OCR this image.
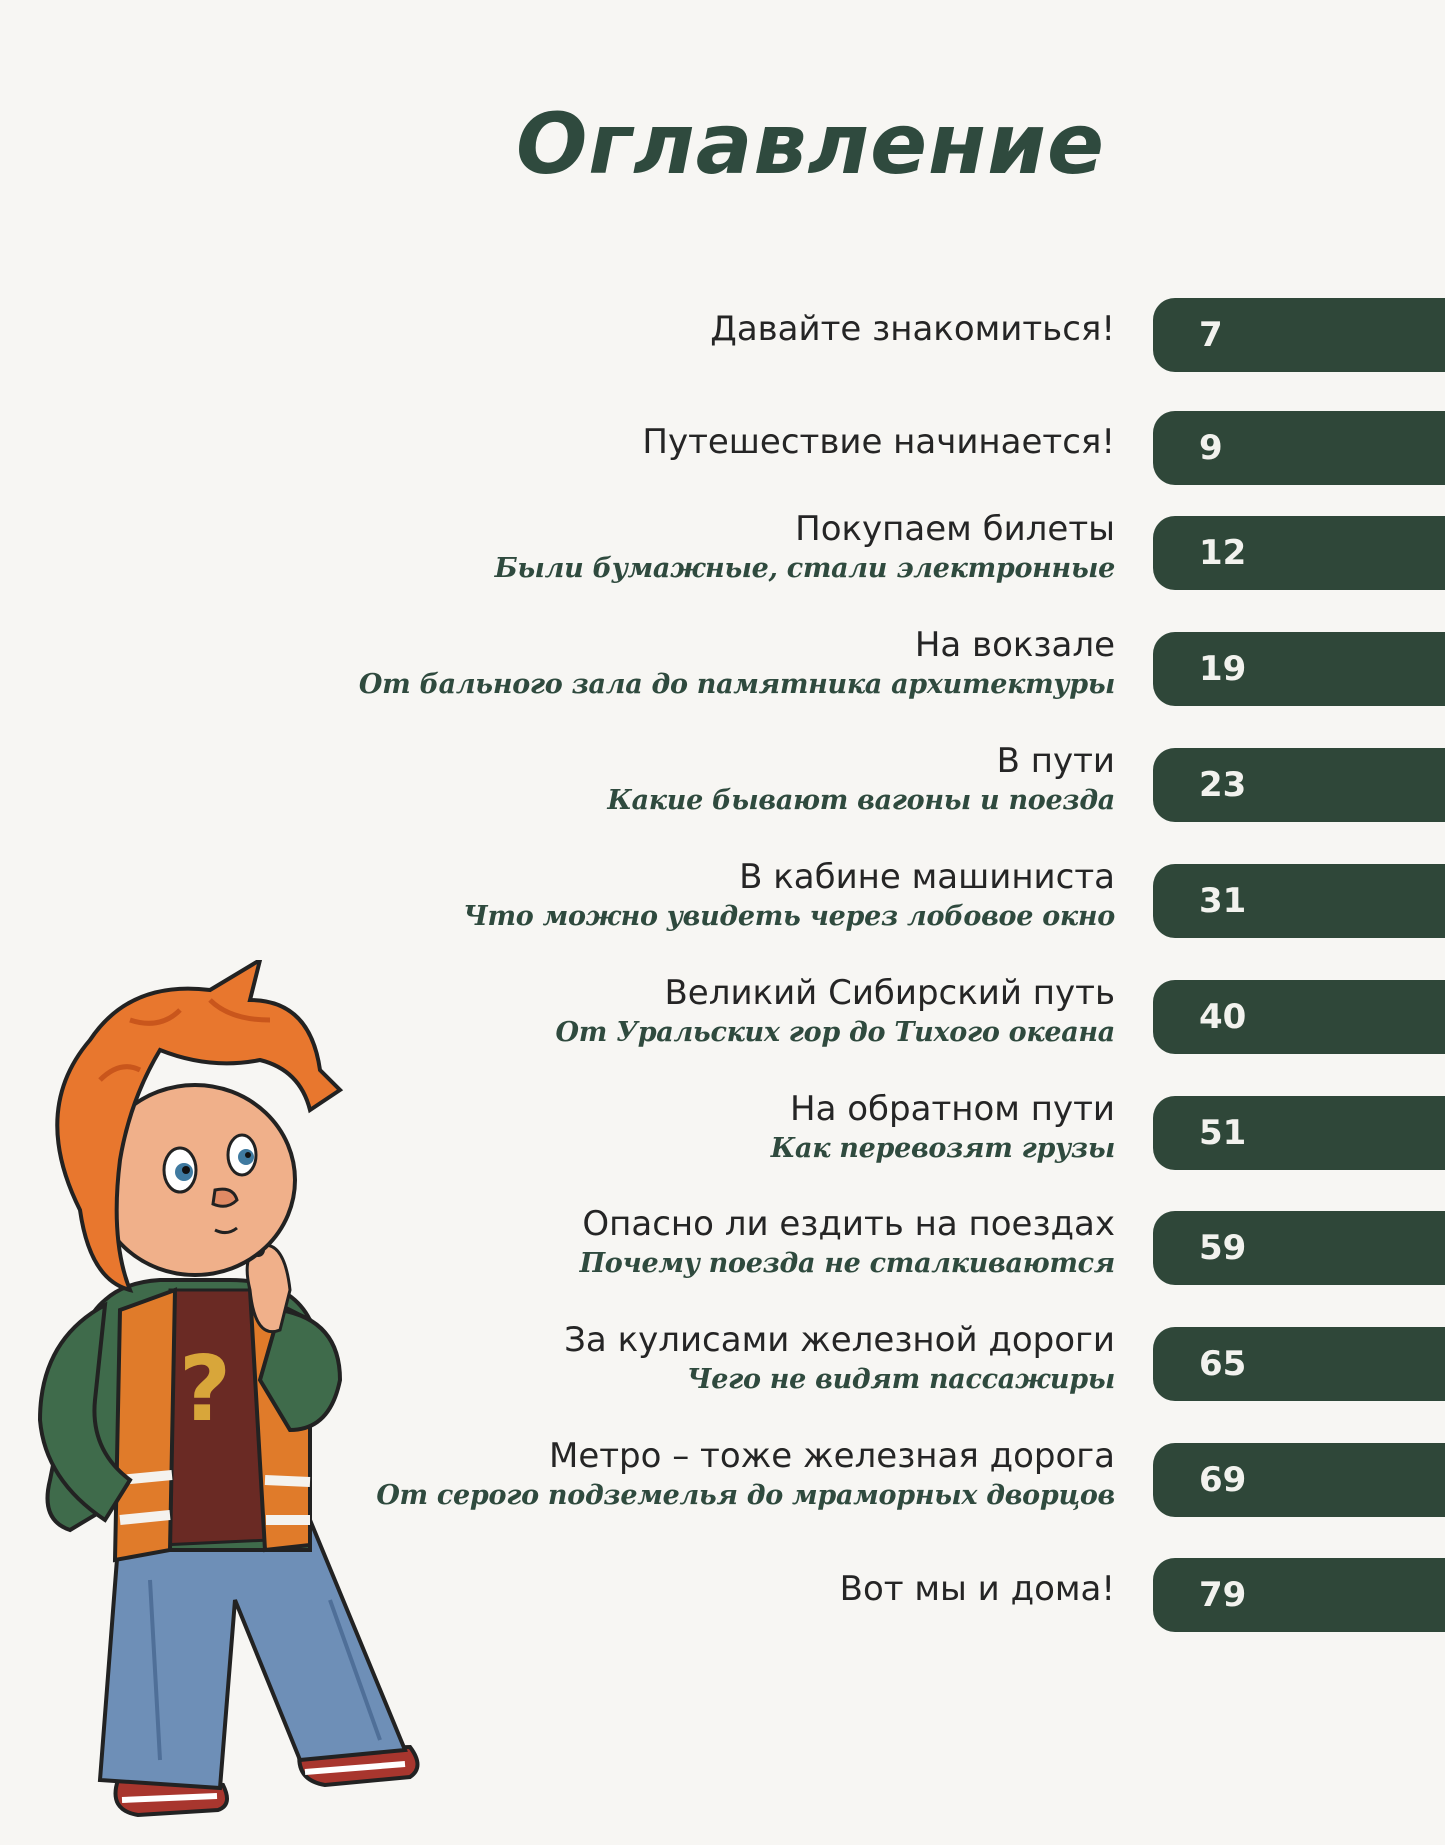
Оглавление
Давайте знакомиться!	7
Путешествие начинается!	9
Покупаем билеты
Были бумажные, стали электронные	12
На вокзале
От бального зала до памятника архитектуры	19
В пути
Какие бывают вагоны и поезда	23
В кабине машиниста
Что можно увидеть через лобовое окно	31
Великий Сибирский путь
От Уральских гор до Тихого океана	40
На обратном пути
Как перевозят грузы	51
Опасно ли ездить на поездах
Почему поезда не сталкиваются	59
За кулисами железной дороги
Чего не видят пассажиры	65
Метро – тоже железная дорога
От серого подземелья до мраморных дворцов	69
Вот мы и дома!	79
?
